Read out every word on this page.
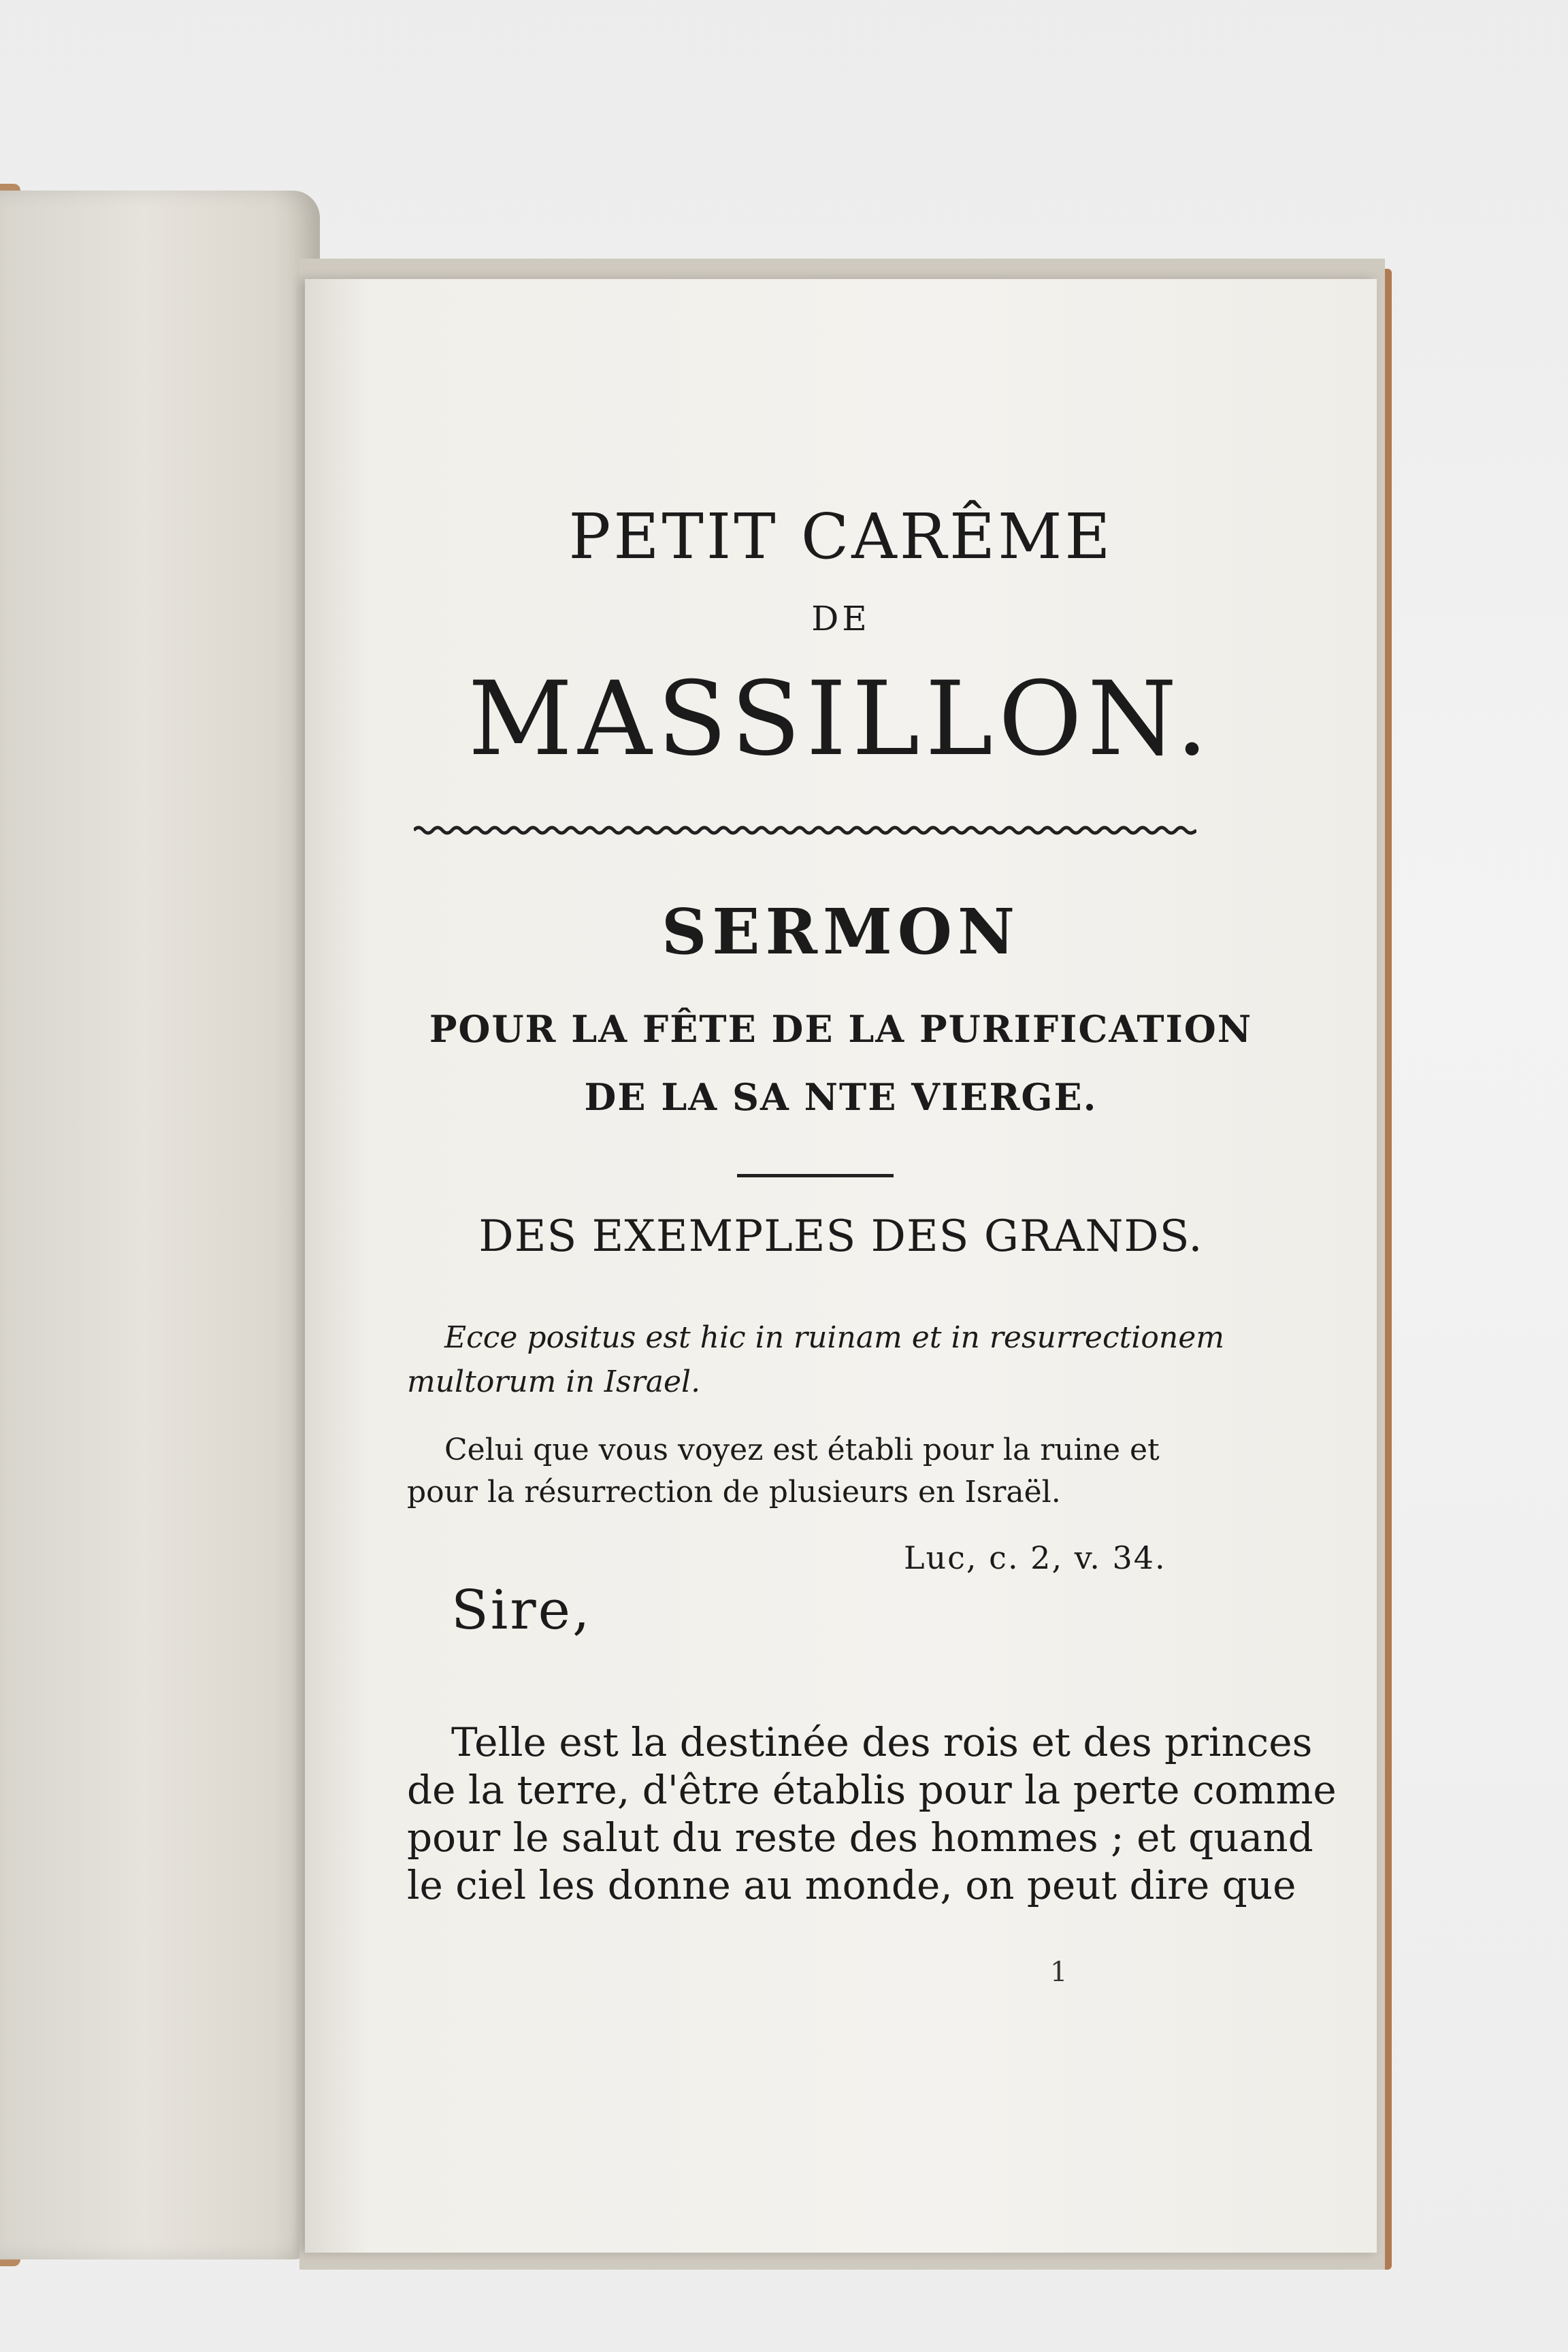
PETIT CARÊME
DE
MASSILLON.
SERMON
POUR LA FÊTE DE LA PURIFICATION
DE LA SA NTE VIERGE.
DES EXEMPLES DES GRANDS.
Ecce positus est hic in ruinam et in resurrectionem
multorum in Israel.
Celui que vous voyez est établi pour la ruine et
pour la résurrection de plusieurs en Israël.
Luc, c. 2, v. 34.
Sire,
Telle est la destinée des rois et des princes
de la terre, d'être établis pour la perte comme
pour le salut du reste des hommes ; et quand
le ciel les donne au monde, on peut dire que
1
